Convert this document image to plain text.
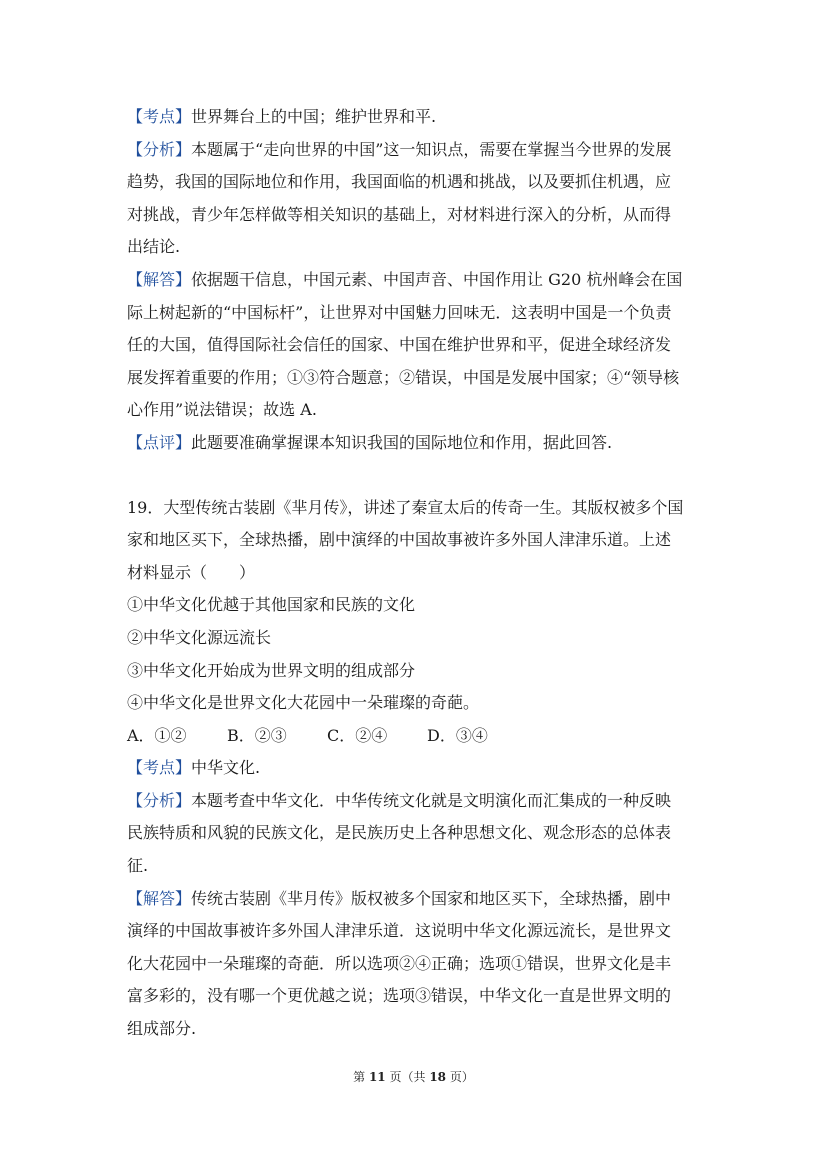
【考点】世界舞台上的中国；维护世界和平.
【分析】本题属于“走向世界的中国”这一知识点，需要在掌握当今世界的发展
趋势，我国的国际地位和作用，我国面临的机遇和挑战，以及要抓住机遇，应
对挑战，青少年怎样做等相关知识的基础上，对材料进行深入的分析，从而得
出结论.
【解答】依据题干信息，中国元素、中国声音、中国作用让 G20 杭州峰会在国
际上树起新的“中国标杆”，让世界对中国魅力回味无．这表明中国是一个负责
任的大国，值得国际社会信任的国家、中国在维护世界和平，促进全球经济发
展发挥着重要的作用；①③符合题意；②错误，中国是发展中国家；④“领导核
心作用”说法错误；故选 A.
【点评】此题要准确掌握课本知识我国的国际地位和作用，据此回答.
19．大型传统古装剧《芈月传》，讲述了秦宣太后的传奇一生。其版权被多个国
家和地区买下，全球热播，剧中演绎的中国故事被许多外国人津津乐道。上述
材料显示（　　）
①中华文化优越于其他国家和民族的文化
②中华文化源远流长
③中华文化开始成为世界文明的组成部分
④中华文化是世界文化大花园中一朵璀璨的奇葩。
A．①②	B．②③	C．②④	D．③④
【考点】中华文化.
【分析】本题考查中华文化．中华传统文化就是文明演化而汇集成的一种反映
民族特质和风貌的民族文化，是民族历史上各种思想文化、观念形态的总体表
征.
【解答】传统古装剧《芈月传》版权被多个国家和地区买下，全球热播，剧中
演绎的中国故事被许多外国人津津乐道．这说明中华文化源远流长，是世界文
化大花园中一朵璀璨的奇葩．所以选项②④正确；选项①错误，世界文化是丰
富多彩的，没有哪一个更优越之说；选项③错误，中华文化一直是世界文明的
组成部分.
第 11 页（共 18 页）
